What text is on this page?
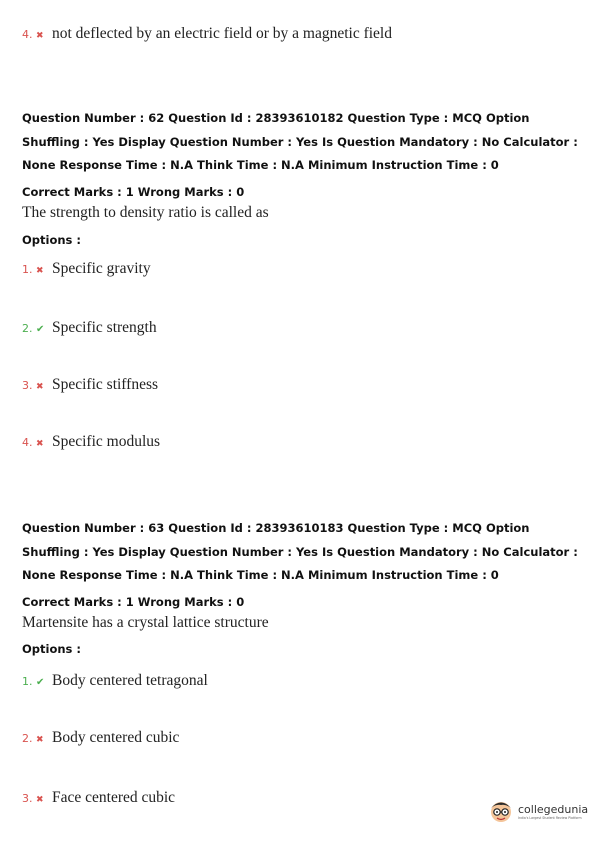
4. ✖ not deflected by an electric field or by a magnetic field
Question Number : 62 Question Id : 28393610182 Question Type : MCQ Option Shuffling : Yes Display Question Number : Yes Is Question Mandatory : No Calculator : None Response Time : N.A Think Time : N.A Minimum Instruction Time : 0
Correct Marks : 1 Wrong Marks : 0
The strength to density ratio is called as
Options :
1. ✖ Specific gravity
2. ✔ Specific strength
3. ✖ Specific stiffness
4. ✖ Specific modulus
Question Number : 63 Question Id : 28393610183 Question Type : MCQ Option Shuffling : Yes Display Question Number : Yes Is Question Mandatory : No Calculator : None Response Time : N.A Think Time : N.A Minimum Instruction Time : 0
Correct Marks : 1 Wrong Marks : 0
Martensite has a crystal lattice structure
Options :
1. ✔ Body centered tetragonal
2. ✖ Body centered cubic
3. ✖ Face centered cubic
collegedunia
India's Largest Student Review Platform
